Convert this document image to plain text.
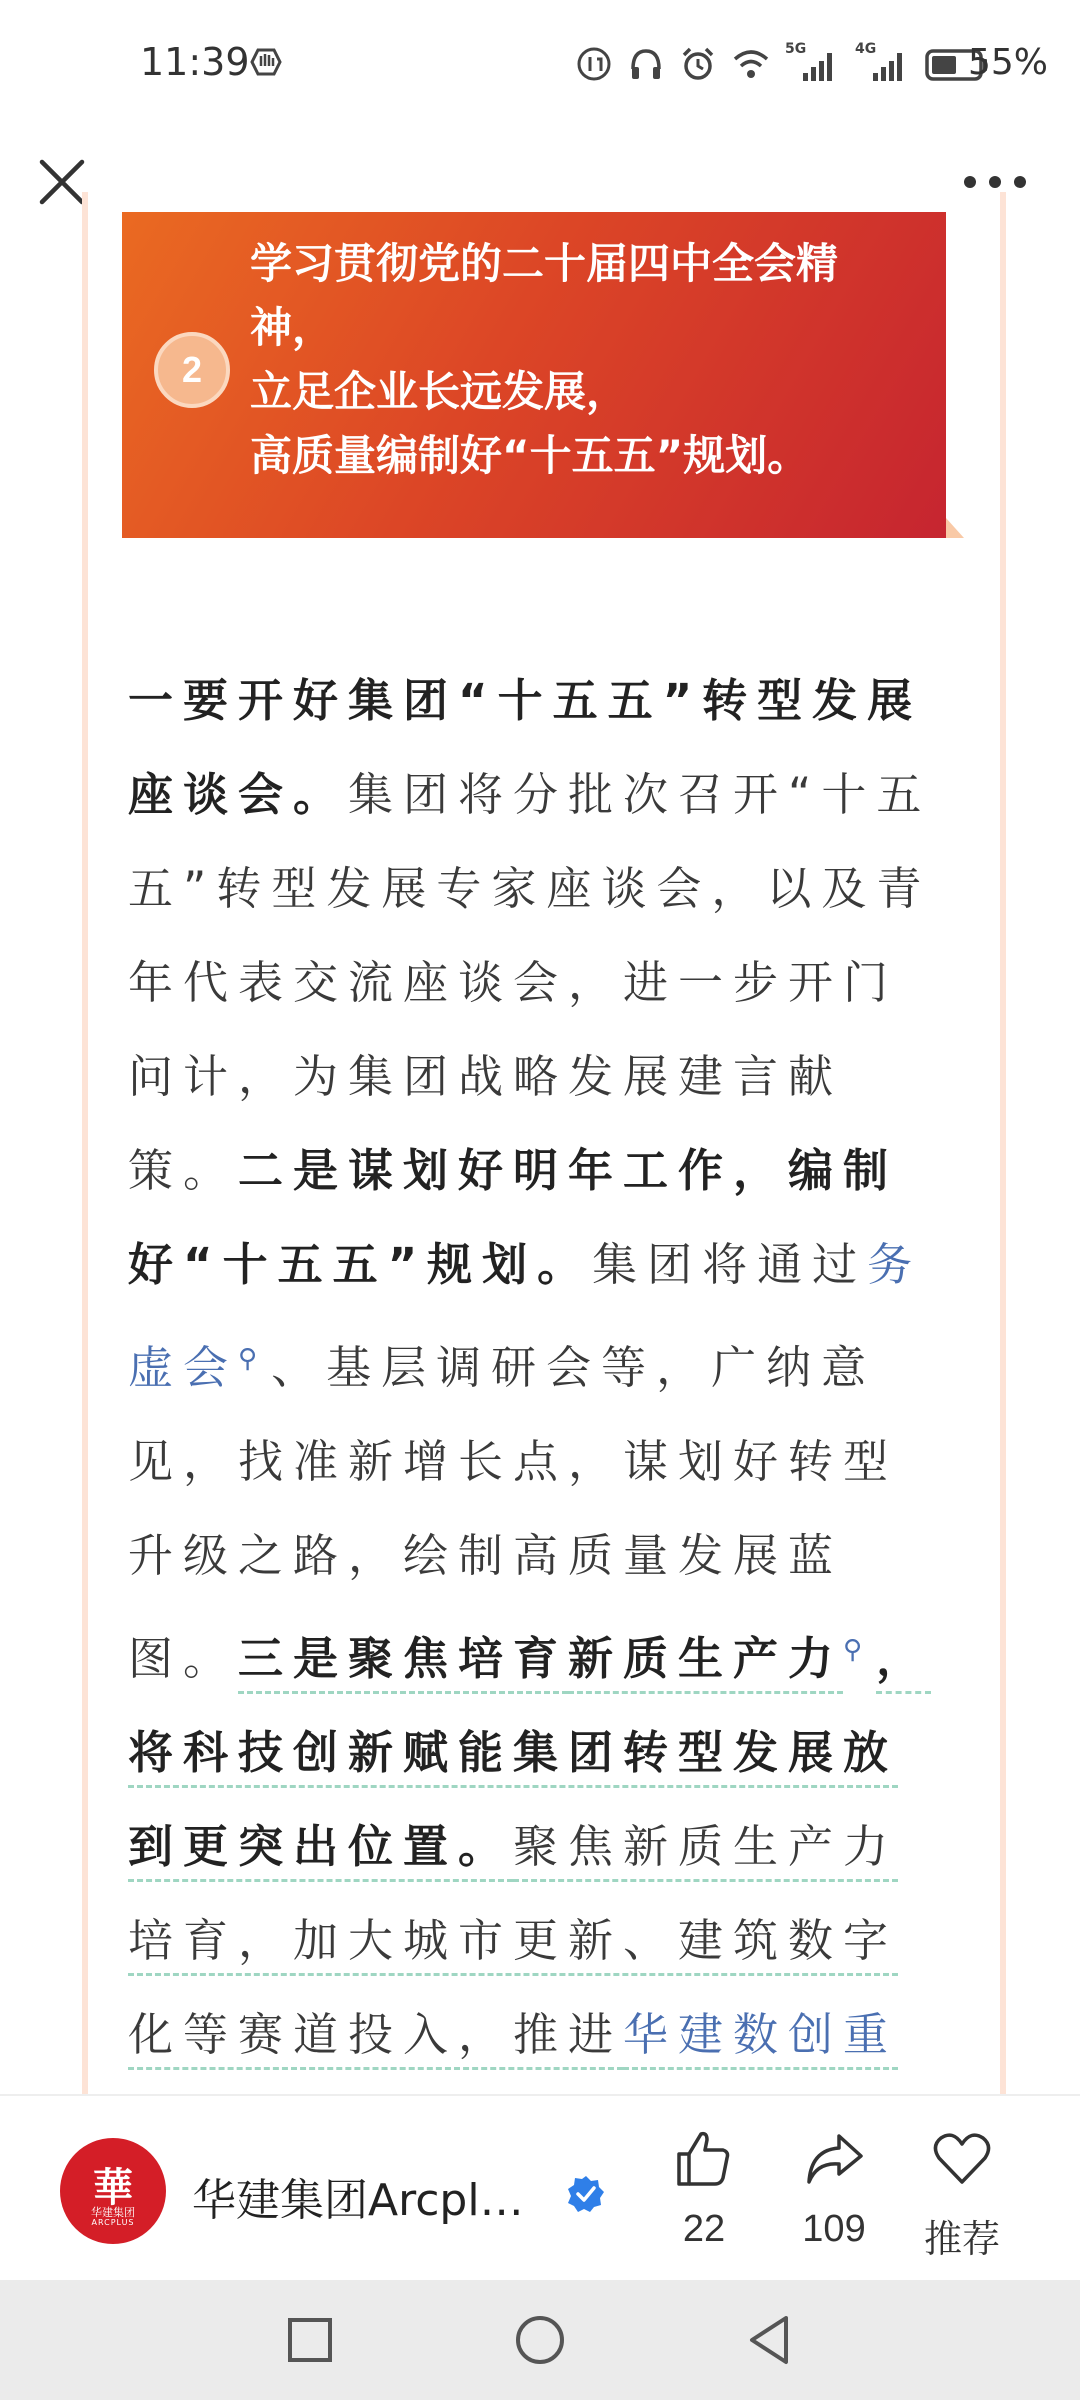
11:39	5G	4G	55%
2
学习贯彻党的二十届四中全会精
神，
立足企业长远发展，
高质量编制好“十五五”规划。
一要开好集团“十五五”转型发展座谈会。集团将分批次召开“十五五”转型发展专家座谈会，以及青年代表交流座谈会，进一步开门问计，为集团战略发展建言献策。二是谋划好明年工作，编制好“十五五”规划。集团将通过务虚会⚲、基层调研会等，广纳意见，找准新增长点，谋划好转型升级之路，绘制高质量发展蓝图。三是聚焦培育新质生产力⚲，将科技创新赋能集团转型发展放到更突出位置。聚焦新质生产力培育，加大城市更新、建筑数字化等赛道投入，推进华建数创重
華
华建集团
ARCPLUS	华建集团Arcpl…
22	109	推荐
